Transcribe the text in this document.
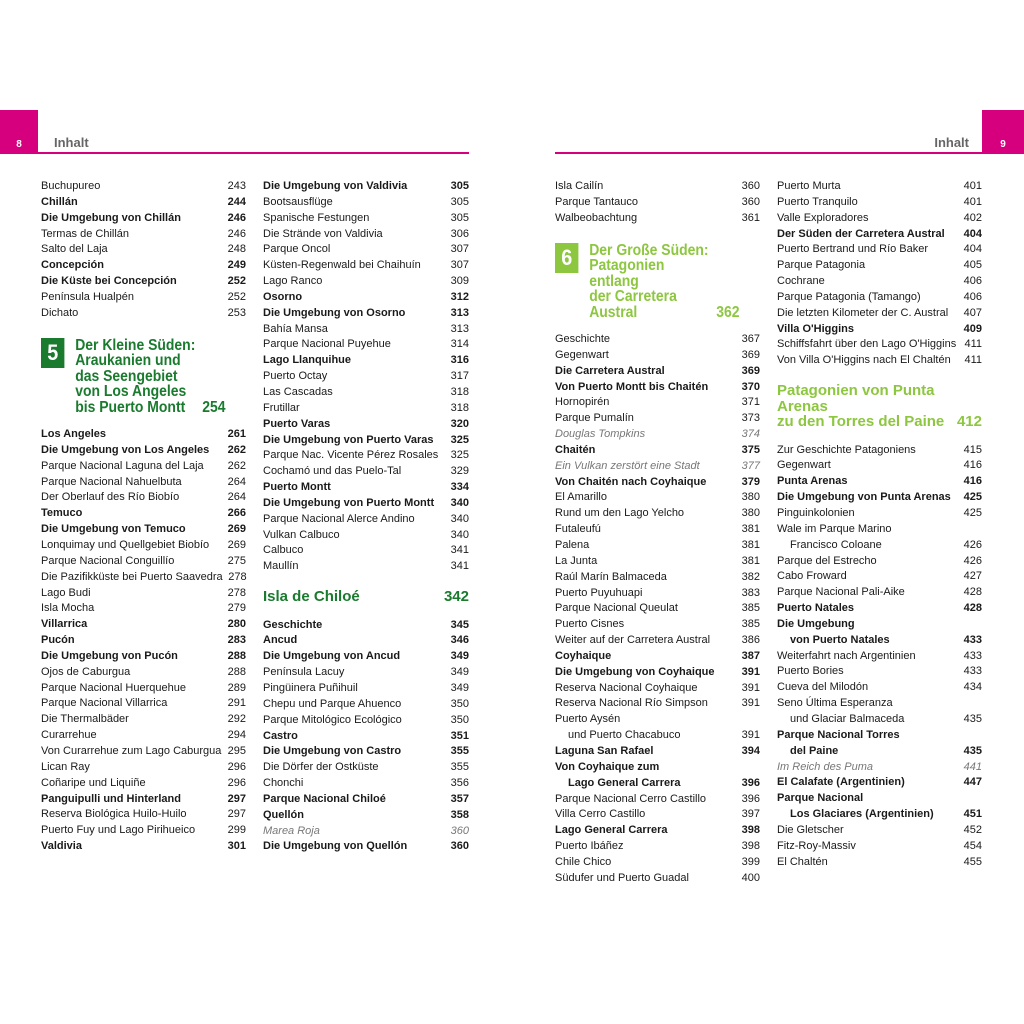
8	Inhalt	Inhalt	9
Buchupureo	243
Chillán	244
Die Umgebung von Chillán	246
Termas de Chillán	246
Salto del Laja	248
Concepción	249
Die Küste bei Concepción	252
Península Hualpén	252
Dichato	253
5	Der Kleine Süden:
Araukanien und
das Seengebiet
von Los Angeles
bis Puerto Montt	254
Los Angeles	261
Die Umgebung von Los Angeles	262
Parque Nacional Laguna del Laja	262
Parque Nacional Nahuelbuta	264
Der Oberlauf des Río Biobío	264
Temuco	266
Die Umgebung von Temuco	269
Lonquimay und Quellgebiet Biobío	269
Parque Nacional Conguillío	275
Die Pazifikküste bei Puerto Saavedra 278
Lago Budi	278
Isla Mocha	279
Villarrica	280
Pucón	283
Die Umgebung von Pucón	288
Ojos de Caburgua	288
Parque Nacional Huerquehue	289
Parque Nacional Villarrica	291
Die Thermalbäder	292
Curarrehue	294
Von Curarrehue zum Lago Caburgua 295
Lican Ray	296
Coñaripe und Liquiñe	296
Panguipulli und Hinterland	297
Reserva Biológica Huilo-Huilo	297
Puerto Fuy und Lago Pirihueico	299
Valdivia	301
Die Umgebung von Valdivia	305
Bootsausflüge	305
Spanische Festungen	305
Die Strände von Valdivia	306
Parque Oncol	307
Küsten-Regenwald bei Chaihuín	307
Lago Ranco	309
Osorno	312
Die Umgebung von Osorno	313
Bahía Mansa	313
Parque Nacional Puyehue	314
Lago Llanquihue	316
Puerto Octay	317
Las Cascadas	318
Frutillar	318
Puerto Varas	320
Die Umgebung von Puerto Varas	325
Parque Nac. Vicente Pérez Rosales	325
Cochamó und das Puelo-Tal	329
Puerto Montt	334
Die Umgebung von Puerto Montt	340
Parque Nacional Alerce Andino	340
Vulkan Calbuco	340
Calbuco	341
Maullín	341
Isla de Chiloé	342
Geschichte	345
Ancud	346
Die Umgebung von Ancud	349
Península Lacuy	349
Pingüinera Puñihuil	349
Chepu und Parque Ahuenco	350
Parque Mitológico Ecológico	350
Castro	351
Die Umgebung von Castro	355
Die Dörfer der Ostküste	355
Chonchi	356
Parque Nacional Chiloé	357
Quellón	358
Marea Roja	360
Die Umgebung von Quellón	360
Isla Cailín	360
Parque Tantauco	360
Walbeobachtung	361
6	Der Große Süden:
Patagonien entlang
der Carretera Austral	362
Geschichte	367
Gegenwart	369
Die Carretera Austral	369
Von Puerto Montt bis Chaitén	370
Hornopirén	371
Parque Pumalín	373
Douglas Tompkins	374
Chaitén	375
Ein Vulkan zerstört eine Stadt	377
Von Chaitén nach Coyhaique	379
El Amarillo	380
Rund um den Lago Yelcho	380
Futaleufú	381
Palena	381
La Junta	381
Raúl Marín Balmaceda	382
Puerto Puyuhuapi	383
Parque Nacional Queulat	385
Puerto Cisnes	385
Weiter auf der Carretera Austral	386
Coyhaique	387
Die Umgebung von Coyhaique	391
Reserva Nacional Coyhaique	391
Reserva Nacional Río Simpson	391
Puerto Aysén
und Puerto Chacabuco	391
Laguna San Rafael	394
Von Coyhaique zum
Lago General Carrera	396
Parque Nacional Cerro Castillo	396
Villa Cerro Castillo	397
Lago General Carrera	398
Puerto Ibáñez	398
Chile Chico	399
Südufer und Puerto Guadal	400
Puerto Murta	401
Puerto Tranquilo	401
Valle Exploradores	402
Der Süden der Carretera Austral	404
Puerto Bertrand und Río Baker	404
Parque Patagonia	405
Cochrane	406
Parque Patagonia (Tamango)	406
Die letzten Kilometer der C. Austral	407
Villa O'Higgins	409
Schiffsfahrt über den Lago O'Higgins 411
Von Villa O'Higgins nach El Chaltén	411
Patagonien von Punta Arenas
zu den Torres del Paine 412
Zur Geschichte Patagoniens	415
Gegenwart	416
Punta Arenas	416
Die Umgebung von Punta Arenas	425
Pinguinkolonien	425
Wale im Parque Marino
Francisco Coloane	426
Parque del Estrecho	426
Cabo Froward	427
Parque Nacional Pali-Aike	428
Puerto Natales	428
Die Umgebung
von Puerto Natales	433
Weiterfahrt nach Argentinien	433
Puerto Bories	433
Cueva del Milodón	434
Seno Última Esperanza
und Glaciar Balmaceda	435
Parque Nacional Torres
del Paine	435
Im Reich des Puma	441
El Calafate (Argentinien)	447
Parque Nacional
Los Glaciares (Argentinien)	451
Die Gletscher	452
Fitz-Roy-Massiv	454
El Chaltén	455
